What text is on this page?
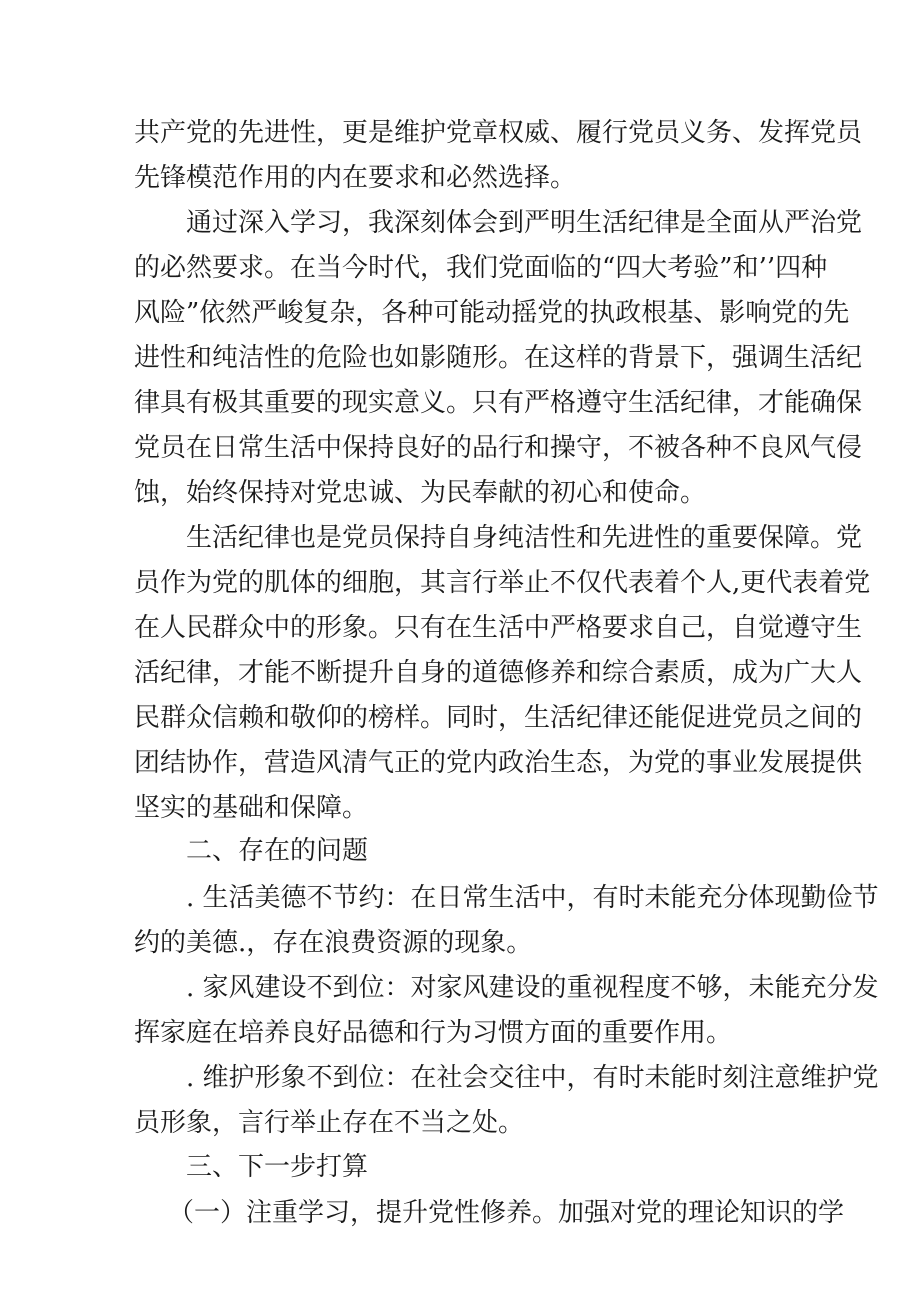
共产党的先进性，更是维护党章权威、履行党员义务、发挥党员
先锋模范作用的内在要求和必然选择。
通过深入学习，我深刻体会到严明生活纪律是全面从严治党
的必然要求。在当今时代，我们党面临的“四大考验”和’’四种
风险”依然严峻复杂，各种可能动摇党的执政根基、影响党的先
进性和纯洁性的危险也如影随形。在这样的背景下，强调生活纪
律具有极其重要的现实意义。只有严格遵守生活纪律，才能确保
党员在日常生活中保持良好的品行和操守，不被各种不良风气侵
蚀，始终保持对党忠诚、为民奉献的初心和使命。
生活纪律也是党员保持自身纯洁性和先进性的重要保障。党
员作为党的肌体的细胞，其言行举止不仅代表着个人,更代表着党
在人民群众中的形象。只有在生活中严格要求自己，自觉遵守生
活纪律，才能不断提升自身的道德修养和综合素质，成为广大人
民群众信赖和敬仰的榜样。同时，生活纪律还能促进党员之间的
团结协作，营造风清气正的党内政治生态，为党的事业发展提供
坚实的基础和保障。
二、存在的问题
. 生活美德不节约：在日常生活中，有时未能充分体现勤俭节
约的美德.，存在浪费资源的现象。
. 家风建设不到位：对家风建设的重视程度不够，未能充分发
挥家庭在培养良好品德和行为习惯方面的重要作用。
. 维护形象不到位：在社会交往中，有时未能时刻注意维护党
员形象，言行举止存在不当之处。
三、下一步打算
（一）注重学习，提升党性修养。加强对党的理论知识的学
